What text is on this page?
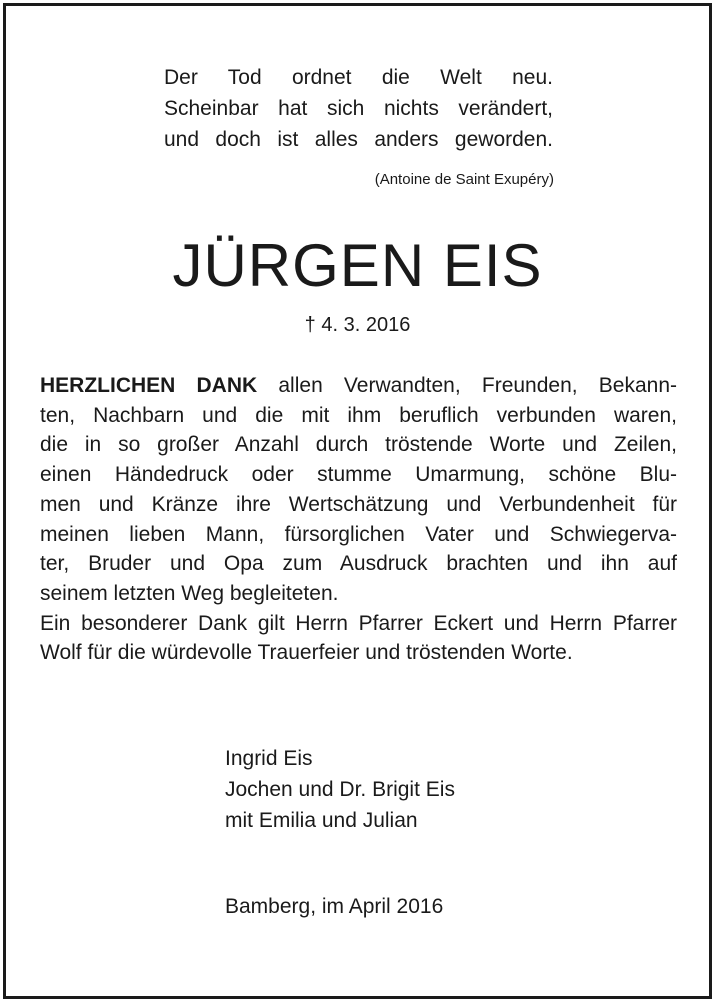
Der Tod ordnet die Welt neu.
Scheinbar hat sich nichts verändert,
und doch ist alles anders geworden.
(Antoine de Saint Exupéry)
JÜRGEN EIS
† 4. 3. 2016
HERZLICHEN DANK allen Verwandten, Freunden, Bekann-
ten, Nachbarn und die mit ihm beruflich verbunden waren,
die in so großer Anzahl durch tröstende Worte und Zeilen,
einen Händedruck oder stumme Umarmung, schöne Blu-
men und Kränze ihre Wertschätzung und Verbundenheit für
meinen lieben Mann, fürsorglichen Vater und Schwiegerva-
ter, Bruder und Opa zum Ausdruck brachten und ihn auf
seinem letzten Weg begleiteten.
Ein besonderer Dank gilt Herrn Pfarrer Eckert und Herrn Pfarrer
Wolf für die würdevolle Trauerfeier und tröstenden Worte.
Ingrid Eis
Jochen und Dr. Brigit Eis
mit Emilia und Julian
Bamberg, im April 2016
